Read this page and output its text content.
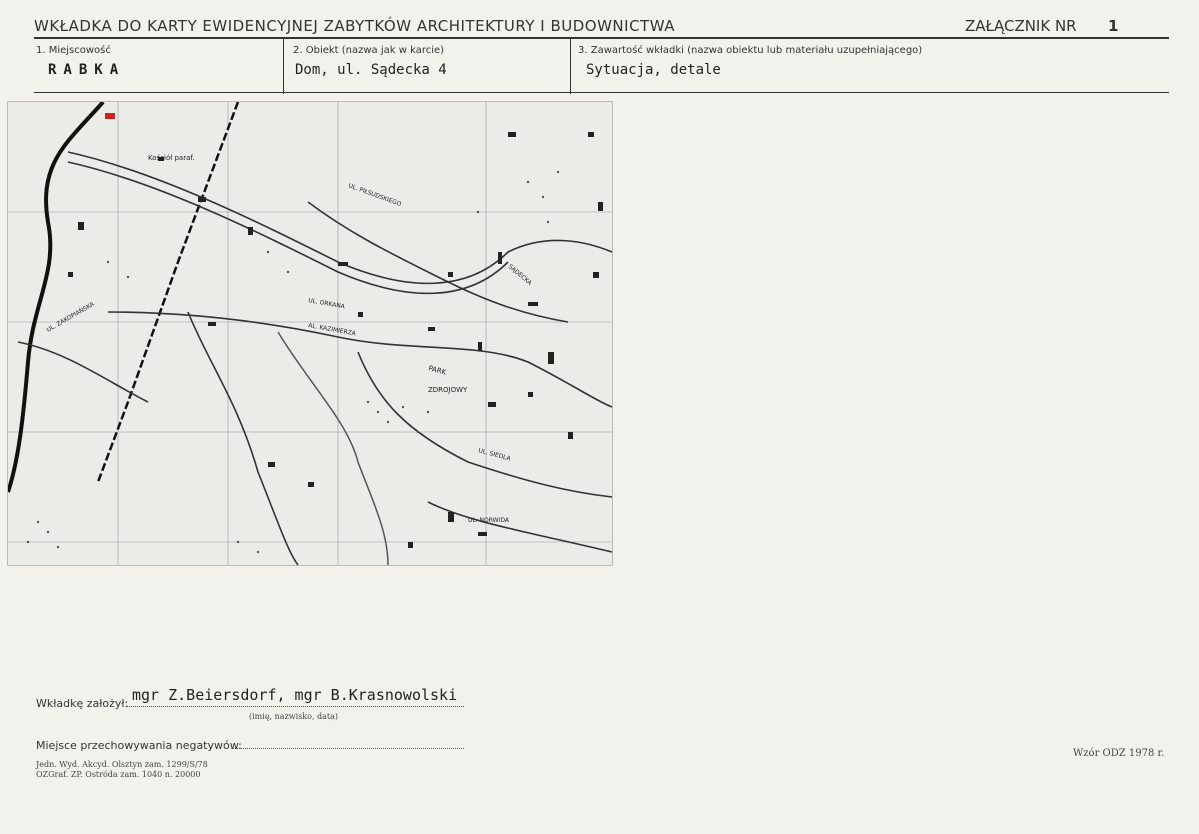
WKŁADKA DO KARTY EWIDENCYJNEJ ZABYTKÓW ARCHITEKTURY I BUDOWNICTWA	ZAŁĄCZNIK NR 1
1. Miejscowość
RABKA
2. Obiekt (nazwa jak w karcie)
Dom, ul. Sądecka 4
3. Zawartość wkładki (nazwa obiektu lub materiału uzupełniającego)
Sytuacja, detale
Kościół paraf.
PARK
ZDROJOWY
UL. ORKANA
AL. KAZIMIERZA
UL. ZAKOPIAŃSKA
UL. NORWIDA
UL. PIŁSUDSKIEGO
SĄDECKA
UL. SIEDLA
Wkładkę założył: mgr Z.Beiersdorf, mgr B.Krasnowolski
(imię, nazwisko, data)
Miejsce przechowywania negatywów:
Jedn. Wyd. Akcyd. Olsztyn zam. 1299/S/78
OZGraf. ZP. Ostróda zam. 1040 n. 20000
Wzór ODZ 1978 r.
